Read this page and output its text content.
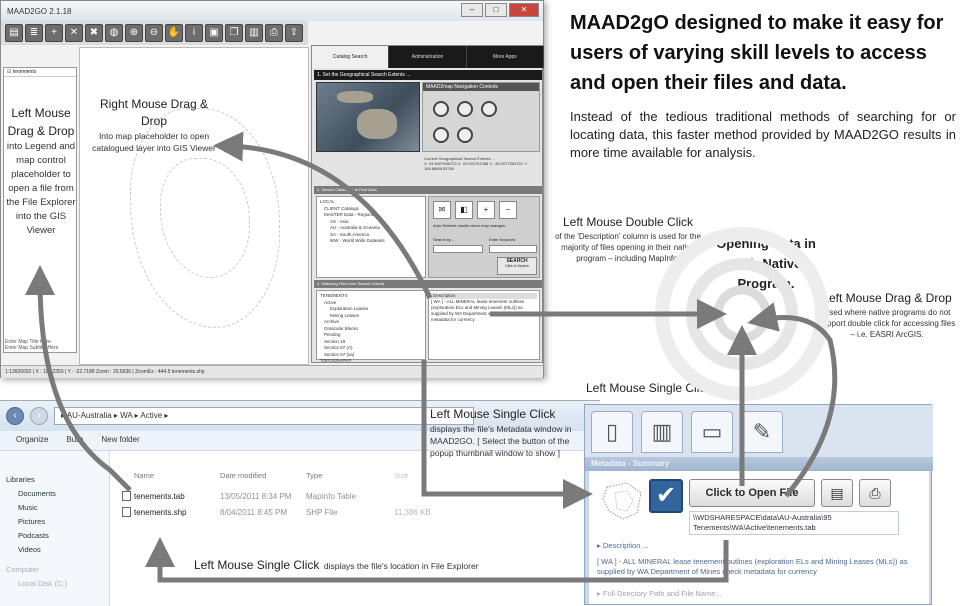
MAAD2GO 2.1.18	–	□	✕
▤	≣	+	✕	✖	◍	⊕	⊖ ✋	i	▣	❐	▥	⎙	⇪
☑ tenements
Enter Map Title Here
Enter Map Subtitle Here
Catalog Search	Administration	More Apps
1. Set the Geographical Search Extents ...
MAAD2map Navigation Controls
Current Geographical Search Extents ...
X: 94.5497836723 X: 22.091751288 Y: -49.2077363701 Y: 165.8889153764
2. Search Catalog(s) to Find Data
LOCAL
CLIENT Catalogs
MASTER Data - Regional
AS - Asia
AU - Australia & Oceania
SA - South America
WW - World Wide Datasets
✉	◧	+	−
Auto Refresh results when map changes
Search by ...	Enter Keyword
SEARCH
Click to Search
3. Matching Files from Search Criteria
TENEMENTS
Active
Exploration Leases
Mining Leases
Archive
Graticular Blocks
Pending
Section 19
Section 57 (A)
Section 57 (sa)
TOPOGRAPHY
Description
[ WA ] - ALL MINERAL lease tenement outlines (exploration ELs and Mining Leases (MLs)) as supplied by WA Department of Mines check metadata for currency
1:13926692 | X : 114.2350 | Y : -22.7188 Zoom : 29.6636 | ZoomEx : 444.5 tenements.shp
‹	›	▸ AU-Australia ▸ WA ▸ Active ▸
Organize Burn New folder
Libraries
Documents
Music
Pictures
Podcasts
Videos
Computer
Local Disk (C:)
Name	Date modified	Type	Size
tenements.tab	13/05/2011 8:34 PM	MapInfo Table
tenements.shp	8/04/2011 8:45 PM	SHP File	11,386 KB
▯	▥	▭	✎
Metadata - Summary
✔	Click to Open File	▤	⎙
\\WDSHARESPACE\data\AU-Australia\95 Tenements\WA\Active\tenements.tab
▸ Description ...
[ WA ] - ALL MINERAL lease tenement outlines (exploration ELs and Mining Leases (MLs)) as supplied by WA Department of Mines check metadata for currency
▸ Full Directory Path and File Name...
MAAD2gO designed to make it easy for users of varying skill levels to access and open their files and data.
Instead of the tedious traditional methods of searching for or locating data, this faster method provided by MAAD2GO results in more time available for analysis.
Left Mouse Drag & Drop
into Legend and map control placeholder to open a file from the File Explorer into the GIS Viewer
Right Mouse Drag & Drop
Into map placeholder to open catalogued layer into GIS Viewer
Left Mouse Double Click
of the 'Description' column is used for the majority of files opening in their native program – including MapInfo.
Opening Data in their Native Program.
Left Mouse Drag & Drop
Used where native programs do not support double click for accessing files – i.e. EASRI ArcGIS.
Left Mouse Single Click
Left Mouse Single Click
displays the file's Metadata window in MAAD2GO. [ Select the button of the popup thumbnail window to show ]
Left Mouse Single Click displays the file's location in File Explorer
